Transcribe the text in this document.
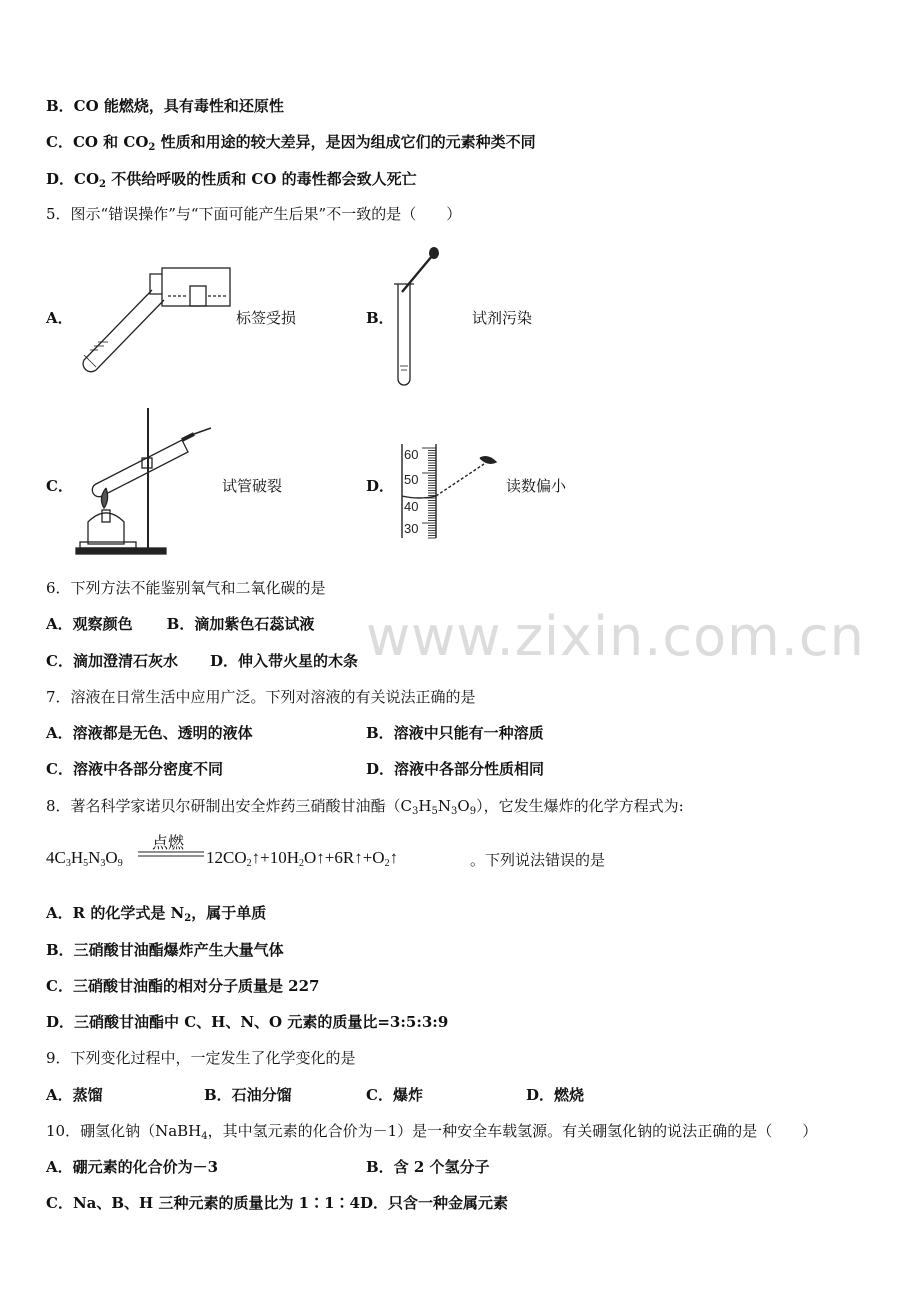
B．CO 能燃烧，具有毒性和还原性
C．CO 和 $CO_2$ 性质和用途的较大差异，是因为组成它们的元素种类不同
D．$CO_2$ 不供给呼吸的性质和 CO 的毒性都会致人死亡
5．图示“错误操作”与“下面可能产生后果”不一致的是（　　）
A．	标签受损	B．	试剂污染
C．	试管破裂	D．	读数偏小
60
50
40
30
6．下列方法不能鉴别氧气和二氧化碳的是
A．观察颜色 B．滴加紫色石蕊试液
C．滴加澄清石灰水 D．伸入带火星的木条 www.zixin.com.cn
7．溶液在日常生活中应用广泛。下列对溶液的有关说法正确的是
A．溶液都是无色、透明的液体	B．溶液中只能有一种溶质
C．溶液中各部分密度不同	D．溶液中各部分性质相同
8．著名科学家诺贝尔研制出安全炸药三硝酸甘油酯$(C_3H_5N_3O_9)$，它发生爆炸的化学方程式为:
$4C_3H_5N_3O_9$
点燃
$12CO_2↑+10H_2O↑+6R↑+O_2↑$	。下列说法错误的是
A．R 的化学式是 $N_2$，属于单质
B．三硝酸甘油酯爆炸产生大量气体
C．三硝酸甘油酯的相对分子质量是 227
D．三硝酸甘油酯中 C、H、N、O 元素的质量比=3:5:3:9
9．下列变化过程中，一定发生了化学变化的是
A．蒸馏	B．石油分馏	C．爆炸	D．燃烧
10．硼氢化钠（NaBH$_4$，其中氢元素的化合价为－1）是一种安全车载氢源。有关硼氢化钠的说法正确的是（　　）
A．硼元素的化合价为－3	B．含 2 个氢分子
C．Na、B、H 三种元素的质量比为 1∶1∶4D．只含一种金属元素
